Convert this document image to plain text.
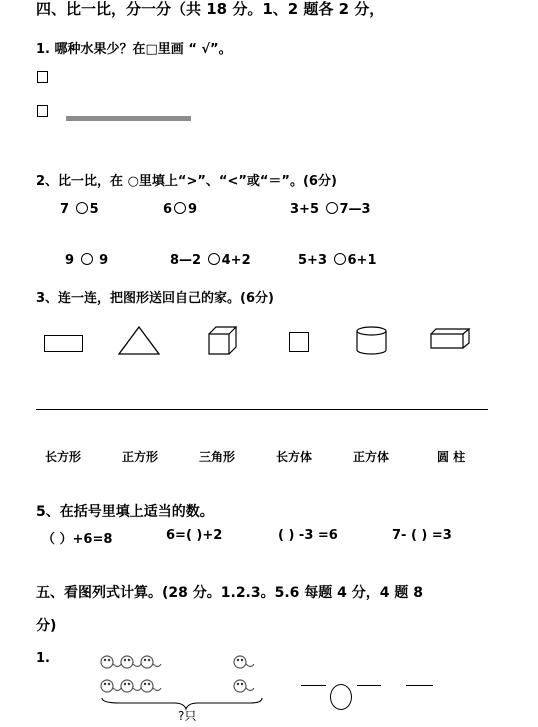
四、比一比，分一分（共 18 分。1、2 题各 2 分，
1. 哪种水果少？在□里画 “ √”。
2、比一比，在 ○里填上“>”、“<”或“＝”。(6分)
7 5	6 9	3+5 7—3
9 9	8—2 4+2	5+3 6+1
3、连一连，把图形送回自己的家。(6分)
长方形	正方形	三角形	长方体	正方体	圆 柱
5、在括号里填上适当的数。
（ ）+6=8	6=( )+2	( ) -3 =6	7- ( ) =3
五、看图列式计算。(28 分。1.2.3。5.6 每题 4 分，4 题 8
分)
1.
?只
